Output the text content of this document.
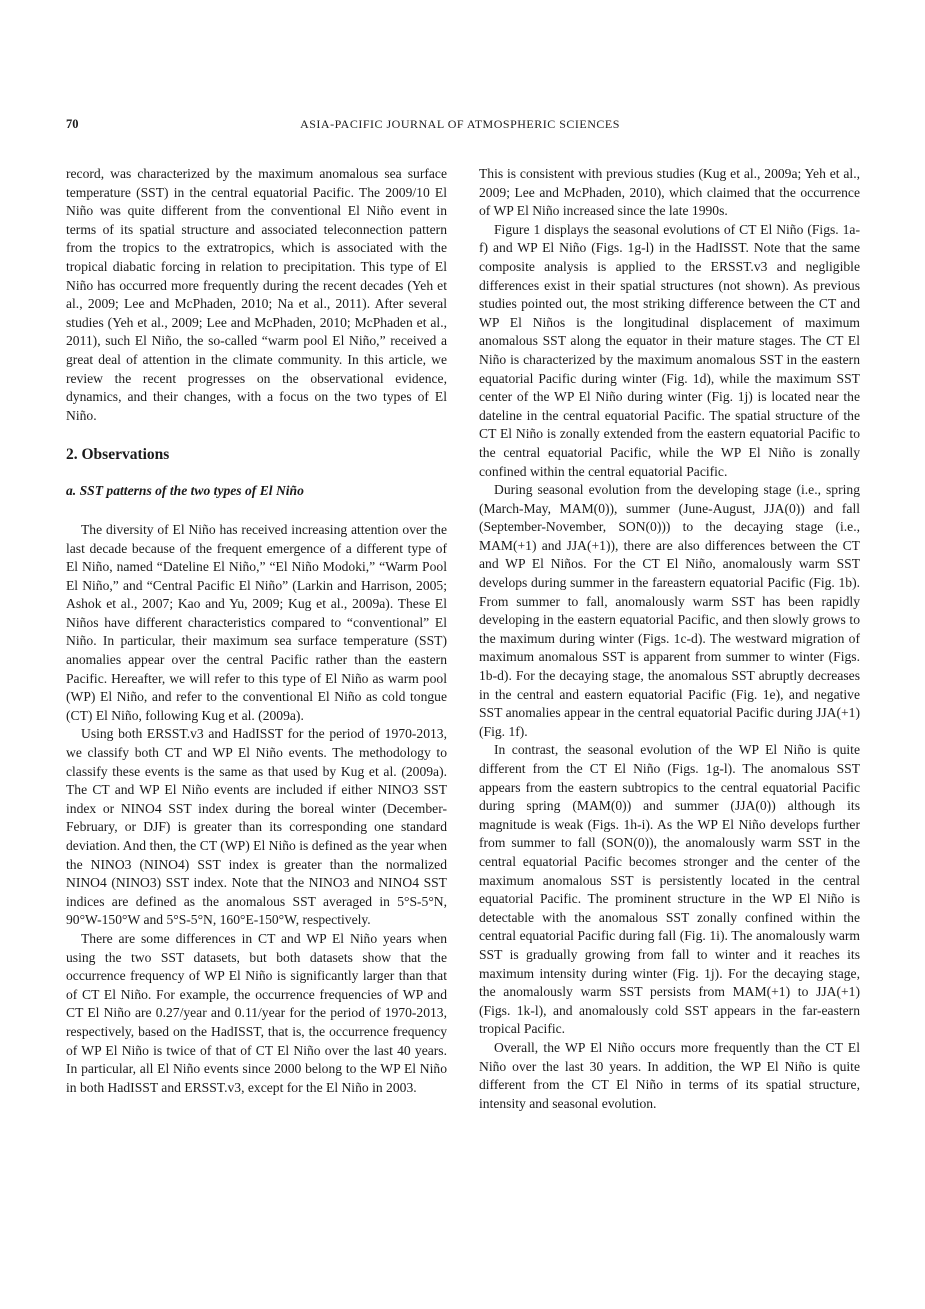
70	ASIA-PACIFIC JOURNAL OF ATMOSPHERIC SCIENCES

record, was characterized by the maximum anomalous sea surface temperature (SST) in the central equatorial Pacific. The 2009/10 El Niño was quite different from the conventional El Niño event in terms of its spatial structure and associated teleconnection pattern from the tropics to the extratropics, which is associated with the tropical diabatic forcing in relation to precipitation. This type of El Niño has occurred more frequently during the recent decades (Yeh et al., 2009; Lee and McPhaden, 2010; Na et al., 2011). After several studies (Yeh et al., 2009; Lee and McPhaden, 2010; McPhaden et al., 2011), such El Niño, the so-called “warm pool El Niño,” received a great deal of attention in the climate community. In this article, we review the recent progresses on the observational evidence, dynamics, and their changes, with a focus on the two types of El Niño.

2. Observations
a. SST patterns of the two types of El Niño

The diversity of El Niño has received increasing attention over the last decade because of the frequent emergence of a different type of El Niño, named “Dateline El Niño,” “El Niño Modoki,” “Warm Pool El Niño,” and “Central Pacific El Niño” (Larkin and Harrison, 2005; Ashok et al., 2007; Kao and Yu, 2009; Kug et al., 2009a). These El Niños have different characteristics compared to “conventional” El Niño. In particular, their maximum sea surface temperature (SST) anomalies appear over the central Pacific rather than the eastern Pacific. Hereafter, we will refer to this type of El Niño as warm pool (WP) El Niño, and refer to the conventional El Niño as cold tongue (CT) El Niño, following Kug et al. (2009a).

Using both ERSST.v3 and HadISST for the period of 1970-2013, we classify both CT and WP El Niño events. The methodology to classify these events is the same as that used by Kug et al. (2009a). The CT and WP El Niño events are included if either NINO3 SST index or NINO4 SST index during the boreal winter (December-February, or DJF) is greater than its corresponding one standard deviation. And then, the CT (WP) El Niño is defined as the year when the NINO3 (NINO4) SST index is greater than the normalized NINO4 (NINO3) SST index. Note that the NINO3 and NINO4 SST indices are defined as the anomalous SST averaged in 5°S-5°N, 90°W-150°W and 5°S-5°N, 160°E-150°W, respectively.

There are some differences in CT and WP El Niño years when using the two SST datasets, but both datasets show that the occurrence frequency of WP El Niño is significantly larger than that of CT El Niño. For example, the occurrence frequencies of WP and CT El Niño are 0.27/year and 0.11/year for the period of 1970-2013, respectively, based on the HadISST, that is, the occurrence frequency of WP El Niño is twice of that of CT El Niño over the last 40 years. In particular, all El Niño events since 2000 belong to the WP El Niño in both HadISST and ERSST.v3, except for the El Niño in 2003.

This is consistent with previous studies (Kug et al., 2009a; Yeh et al., 2009; Lee and McPhaden, 2010), which claimed that the occurrence of WP El Niño increased since the late 1990s.

Figure 1 displays the seasonal evolutions of CT El Niño (Figs. 1a-f) and WP El Niño (Figs. 1g-l) in the HadISST. Note that the same composite analysis is applied to the ERSST.v3 and negligible differences exist in their spatial structures (not shown). As previous studies pointed out, the most striking difference between the CT and WP El Niños is the longitudinal displacement of maximum anomalous SST along the equator in their mature stages. The CT El Niño is characterized by the maximum anomalous SST in the eastern equatorial Pacific during winter (Fig. 1d), while the maximum SST center of the WP El Niño during winter (Fig. 1j) is located near the dateline in the central equatorial Pacific. The spatial structure of the CT El Niño is zonally extended from the eastern equatorial Pacific to the central equatorial Pacific, while the WP El Niño is zonally confined within the central equatorial Pacific.

During seasonal evolution from the developing stage (i.e., spring (March-May, MAM(0)), summer (June-August, JJA(0)) and fall (September-November, SON(0))) to the decaying stage (i.e., MAM(+1) and JJA(+1)), there are also differences between the CT and WP El Niños. For the CT El Niño, anomalously warm SST develops during summer in the fareastern equatorial Pacific (Fig. 1b). From summer to fall, anomalously warm SST has been rapidly developing in the eastern equatorial Pacific, and then slowly grows to the maximum during winter (Figs. 1c-d). The westward migration of maximum anomalous SST is apparent from summer to winter (Figs. 1b-d). For the decaying stage, the anomalous SST abruptly decreases in the central and eastern equatorial Pacific (Fig. 1e), and negative SST anomalies appear in the central equatorial Pacific during JJA(+1) (Fig. 1f).

In contrast, the seasonal evolution of the WP El Niño is quite different from the CT El Niño (Figs. 1g-l). The anomalous SST appears from the eastern subtropics to the central equatorial Pacific during spring (MAM(0)) and summer (JJA(0)) although its magnitude is weak (Figs. 1h-i). As the WP El Niño develops further from summer to fall (SON(0)), the anomalously warm SST in the central equatorial Pacific becomes stronger and the center of the maximum anomalous SST is persistently located in the central equatorial Pacific. The prominent structure in the WP El Niño is detectable with the anomalous SST zonally confined within the central equatorial Pacific during fall (Fig. 1i). The anomalously warm SST is gradually growing from fall to winter and it reaches its maximum intensity during winter (Fig. 1j). For the decaying stage, the anomalously warm SST persists from MAM(+1) to JJA(+1) (Figs. 1k-l), and anomalously cold SST appears in the far-eastern tropical Pacific.

Overall, the WP El Niño occurs more frequently than the CT El Niño over the last 30 years. In addition, the WP El Niño is quite different from the CT El Niño in terms of its spatial structure, intensity and seasonal evolution.
